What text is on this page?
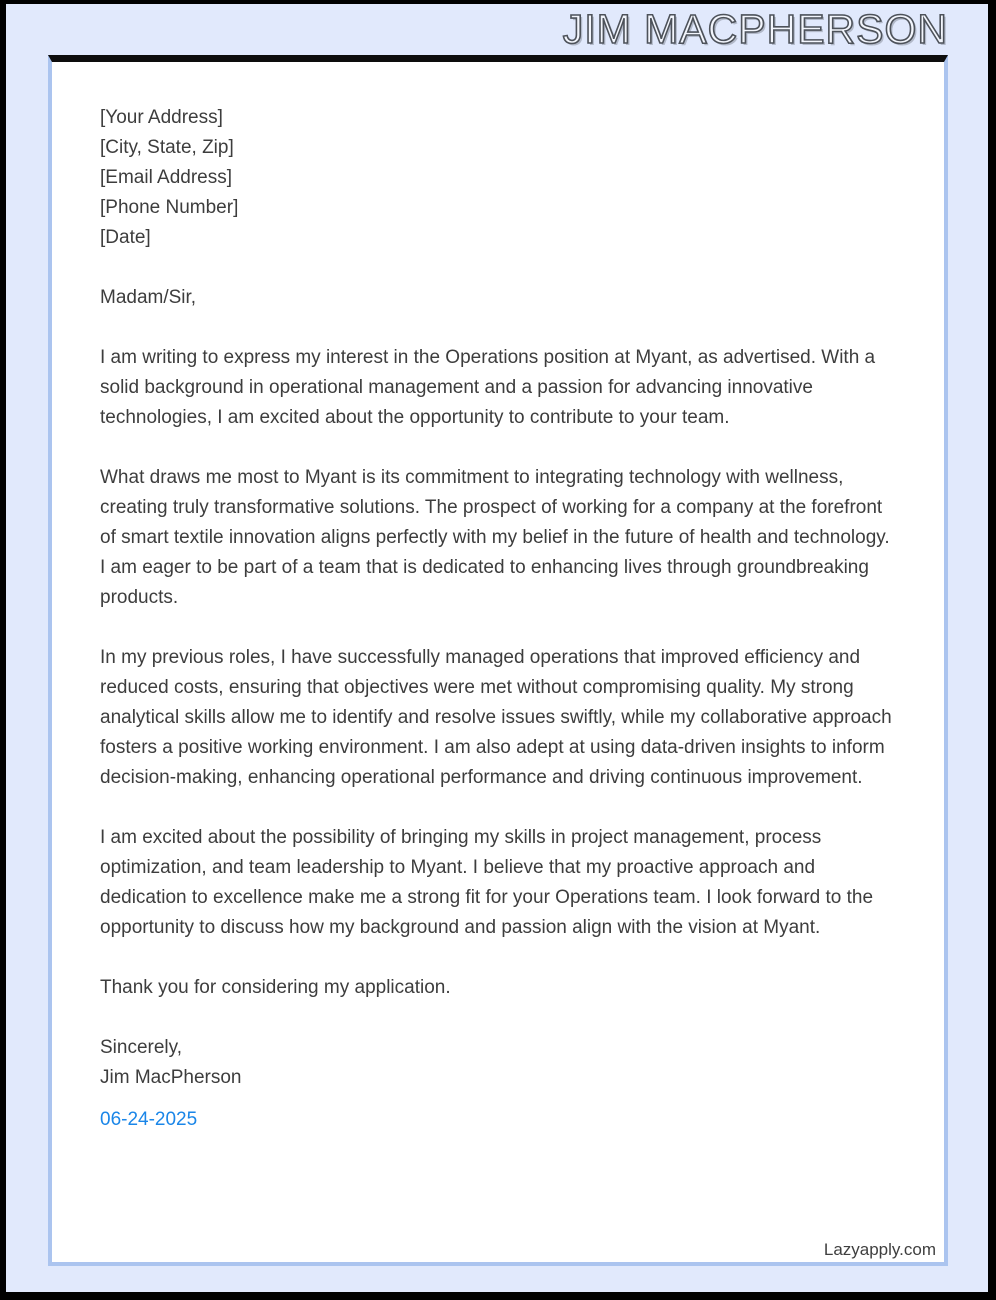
JIM MACPHERSON
[Your Address]
[City, State, Zip]
[Email Address]
[Phone Number]
[Date]
Madam/Sir,
I am writing to express my interest in the Operations position at Myant, as advertised. With a solid background in operational management and a passion for advancing innovative technologies, I am excited about the opportunity to contribute to your team.
What draws me most to Myant is its commitment to integrating technology with wellness, creating truly transformative solutions. The prospect of working for a company at the forefront of smart textile innovation aligns perfectly with my belief in the future of health and technology. I am eager to be part of a team that is dedicated to enhancing lives through groundbreaking products.
In my previous roles, I have successfully managed operations that improved efficiency and reduced costs, ensuring that objectives were met without compromising quality. My strong analytical skills allow me to identify and resolve issues swiftly, while my collaborative approach fosters a positive working environment. I am also adept at using data-driven insights to inform decision-making, enhancing operational performance and driving continuous improvement.
I am excited about the possibility of bringing my skills in project management, process optimization, and team leadership to Myant. I believe that my proactive approach and dedication to excellence make me a strong fit for your Operations team. I look forward to the opportunity to discuss how my background and passion align with the vision at Myant.
Thank you for considering my application.
Sincerely,
Jim MacPherson
06-24-2025
Lazyapply.com
